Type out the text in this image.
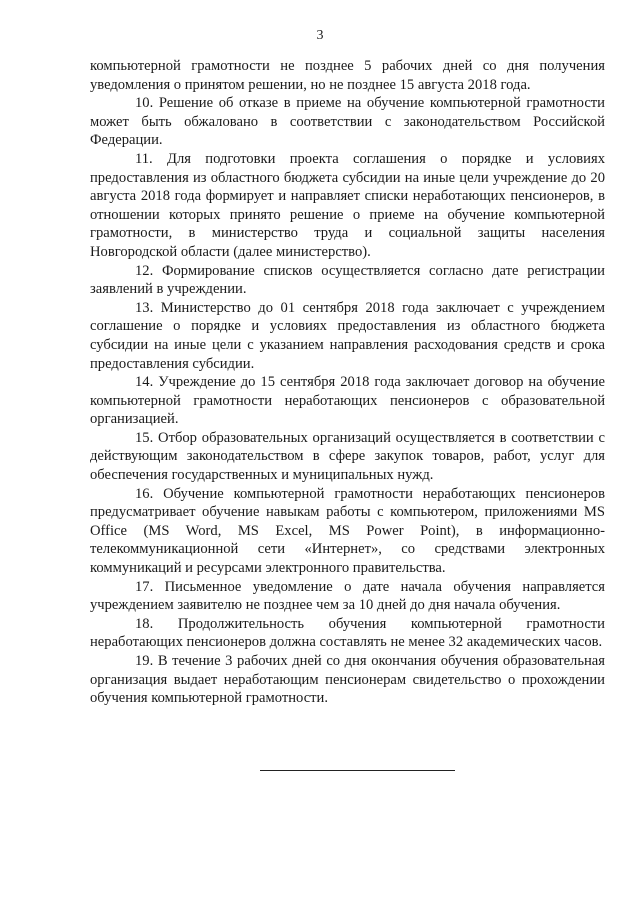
3

компьютерной грамотности не позднее 5 рабочих дней со дня получения уведомления о принятом решении, но не позднее 15 августа 2018 года.

10. Решение об отказе в приеме на обучение компьютерной грамотности может быть обжаловано в соответствии с законодательством Российской Федерации.

11. Для подготовки проекта соглашения о порядке и условиях предоставления из областного бюджета субсидии на иные цели учреждение до 20 августа 2018 года формирует и направляет списки неработающих пенсионеров, в отношении которых принято решение о приеме на обучение компьютерной грамотности, в министерство труда и социальной защиты населения Новгородской области (далее министерство).

12. Формирование списков осуществляется согласно дате регистрации заявлений в учреждении.

13. Министерство до 01 сентября 2018 года заключает с учреждением соглашение о порядке и условиях предоставления из областного бюджета субсидии на иные цели с указанием направления расходования средств и срока предоставления субсидии.

14. Учреждение до 15 сентября 2018 года заключает договор на обучение компьютерной грамотности неработающих пенсионеров с образовательной организацией.

15. Отбор образовательных организаций осуществляется в соответствии с действующим законодательством в сфере закупок товаров, работ, услуг для обеспечения государственных и муниципальных нужд.

16. Обучение компьютерной грамотности неработающих пенсионеров предусматривает обучение навыкам работы с компьютером, приложениями MS Office (MS Word, MS Excel, MS Power Point), в информационно-телекоммуникационной сети «Интернет», со средствами электронных коммуникаций и ресурсами электронного правительства.

17. Письменное уведомление о дате начала обучения направляется учреждением заявителю не позднее чем за 10 дней до дня начала обучения.

18. Продолжительность обучения компьютерной грамотности неработающих пенсионеров должна составлять не менее 32 академических часов.

19. В течение 3 рабочих дней со дня окончания обучения образовательная организация выдает неработающим пенсионерам свидетельство о прохождении обучения компьютерной грамотности.
